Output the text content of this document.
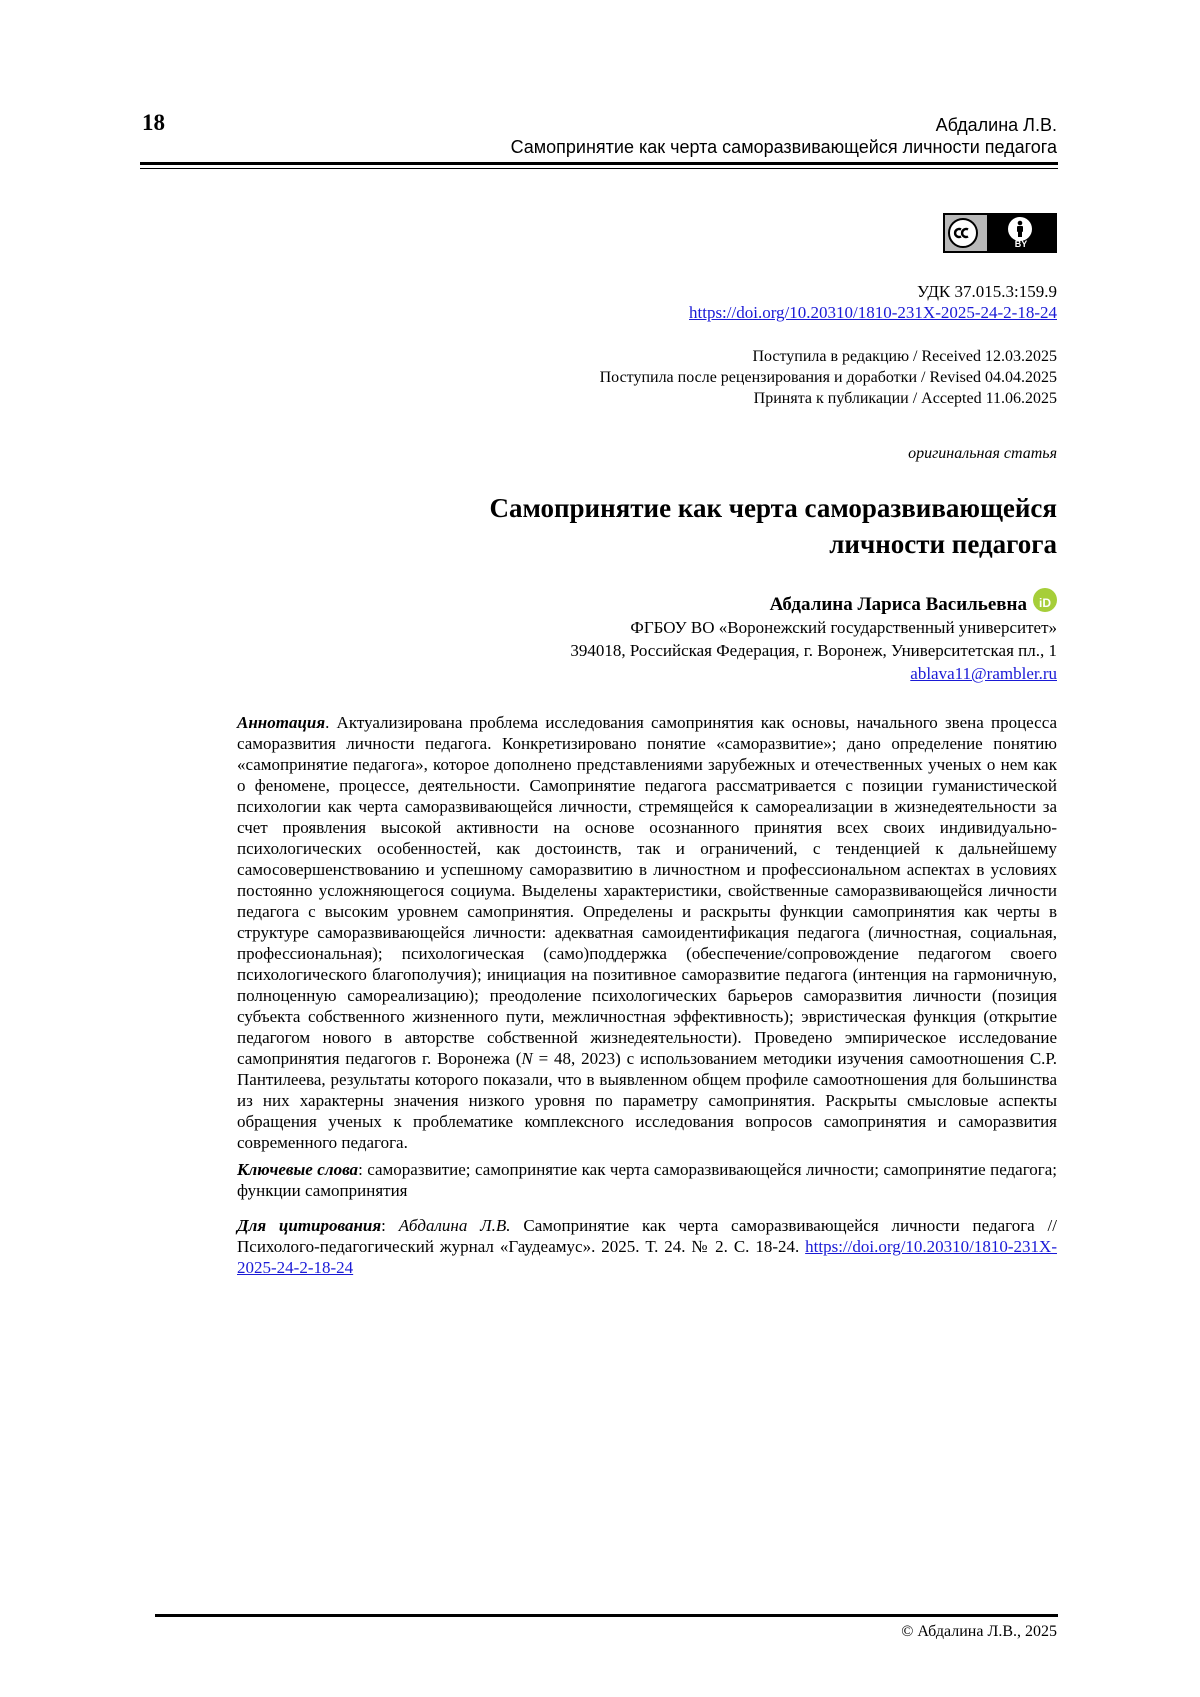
18	Абдалина Л.В.
Самопринятие как черта саморазвивающейся личности педагога
BY
УДК 37.015.3:159.9
https://doi.org/10.20310/1810-231X-2025-24-2-18-24
Поступила в редакцию / Received 12.03.2025
Поступила после рецензирования и доработки / Revised 04.04.2025
Принята к публикации / Accepted 11.06.2025
оригинальная статья
Самопринятие как черта саморазвивающейся
личности педагога
Абдалина Лариса Васильевна	iD
ФГБОУ ВО «Воронежский государственный университет»
394018, Российская Федерация, г. Воронеж, Университетская пл., 1
ablava11@rambler.ru

Аннотация. Актуализирована проблема исследования самопринятия как основы, начального звена процесса саморазвития личности педагога. Конкретизировано понятие «саморазвитие»; дано определение понятию «самопринятие педагога», которое дополнено представлениями зарубежных и отечественных ученых о нем как о феномене, процессе, деятельности. Самопринятие педагога рассматривается с позиции гуманистической психологии как черта саморазвивающейся личности, стремящейся к самореализации в жизнедеятельности за счет проявления высокой активности на основе осознанного принятия всех своих индивидуально-психологических особенностей, как достоинств, так и ограничений, с тенденцией к дальнейшему самосовершенствованию и успешному саморазвитию в личностном и профессиональном аспектах в условиях постоянно усложняющегося социума. Выделены характеристики, свойственные саморазвивающейся личности педагога с высоким уровнем самопринятия. Определены и раскрыты функции самопринятия как черты в структуре саморазвивающейся личности: адекватная самоидентификация педагога (личностная, социальная, профессиональная); психологическая (само)поддержка (обеспечение/сопровождение педагогом своего психологического благополучия); инициация на позитивное саморазвитие педагога (интенция на гармоничную, полноценную самореализацию); преодоление психологических барьеров саморазвития личности (позиция субъекта собственного жизненного пути, межличностная эффективность); эвристическая функция (открытие педагогом нового в авторстве собственной жизнедеятельности). Проведено эмпирическое исследование самопринятия педагогов г. Воронежа (N = 48, 2023) с использованием методики изучения самоотношения С.Р. Пантилеева, результаты которого показали, что в выявленном общем профиле самоотношения для большинства из них характерны значения низкого уровня по параметру самопринятия. Раскрыты смысловые аспекты обращения ученых к проблематике комплексного исследования вопросов самопринятия и саморазвития современного педагога.

Ключевые слова: саморазвитие; самопринятие как черта саморазвивающейся личности; самопринятие педагога; функции самопринятия

Для цитирования: Абдалина Л.В. Самопринятие как черта саморазвивающейся личности педагога // Психолого-педагогический журнал «Гаудеамус». 2025. Т. 24. № 2. С. 18-24. https://doi.org/10.20310/1810-231X-2025-24-2-18-24

© Абдалина Л.В., 2025
